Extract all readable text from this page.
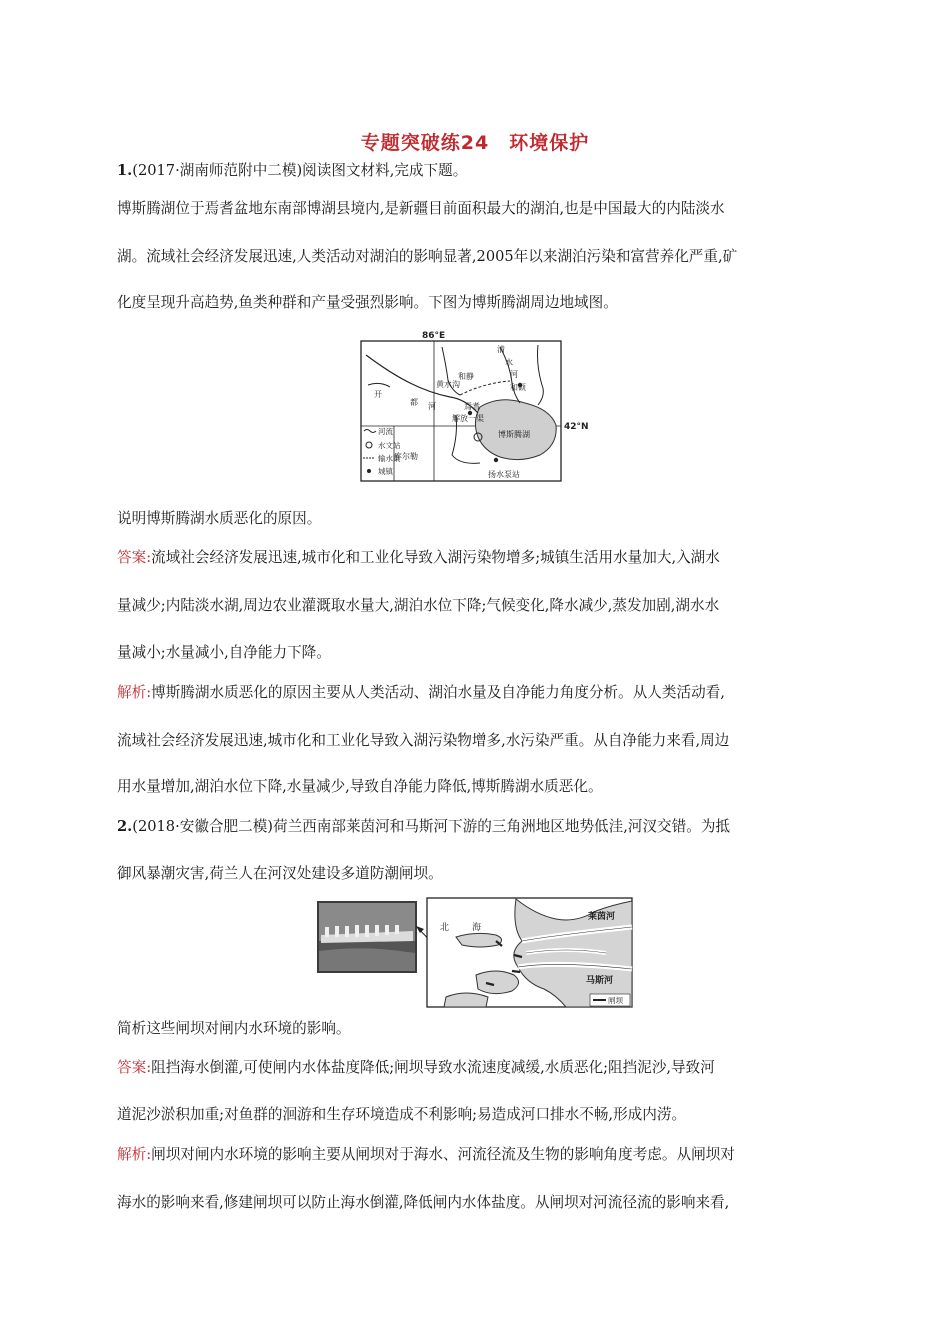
专题突破练24　环境保护
1.(2017·湖南师范附中二模)阅读图文材料,完成下题。
博斯腾湖位于焉耆盆地东南部博湖县境内,是新疆目前面积最大的湖泊,也是中国最大的内陆淡水
湖。流域社会经济发展迅速,人类活动对湖泊的影响显著,2005年以来湖泊污染和富营养化严重,矿
化度呈现升高趋势,鱼类种群和产量受强烈影响。下图为博斯腾湖周边地域图。
86°E
42°N
清
水
河
和硕
和静
开
都 河	焉耆
黄水沟
博斯腾湖
库尔勒
扬水泵站
解放一渠
河流
水文站
输水渠
城镇
说明博斯腾湖水质恶化的原因。
答案:流域社会经济发展迅速,城市化和工业化导致入湖污染物增多;城镇生活用水量加大,入湖水
量减少;内陆淡水湖,周边农业灌溉取水量大,湖泊水位下降;气候变化,降水减少,蒸发加剧,湖水水
量减小;水量减小,自净能力下降。
解析:博斯腾湖水质恶化的原因主要从人类活动、湖泊水量及自净能力角度分析。从人类活动看,
流域社会经济发展迅速,城市化和工业化导致入湖污染物增多,水污染严重。从自净能力来看,周边
用水量增加,湖泊水位下降,水量减少,导致自净能力降低,博斯腾湖水质恶化。
2.(2018·安徽合肥二模)荷兰西南部莱茵河和马斯河下游的三角洲地区地势低洼,河汊交错。为抵
御风暴潮灾害,荷兰人在河汊处建设多道防潮闸坝。
北	海
莱茵河
马斯河
闸坝
简析这些闸坝对闸内水环境的影响。
答案:阻挡海水倒灌,可使闸内水体盐度降低;闸坝导致水流速度减缓,水质恶化;阻挡泥沙,导致河
道泥沙淤积加重;对鱼群的洄游和生存环境造成不利影响;易造成河口排水不畅,形成内涝。
解析:闸坝对闸内水环境的影响主要从闸坝对于海水、河流径流及生物的影响角度考虑。从闸坝对
海水的影响来看,修建闸坝可以防止海水倒灌,降低闸内水体盐度。从闸坝对河流径流的影响来看,
